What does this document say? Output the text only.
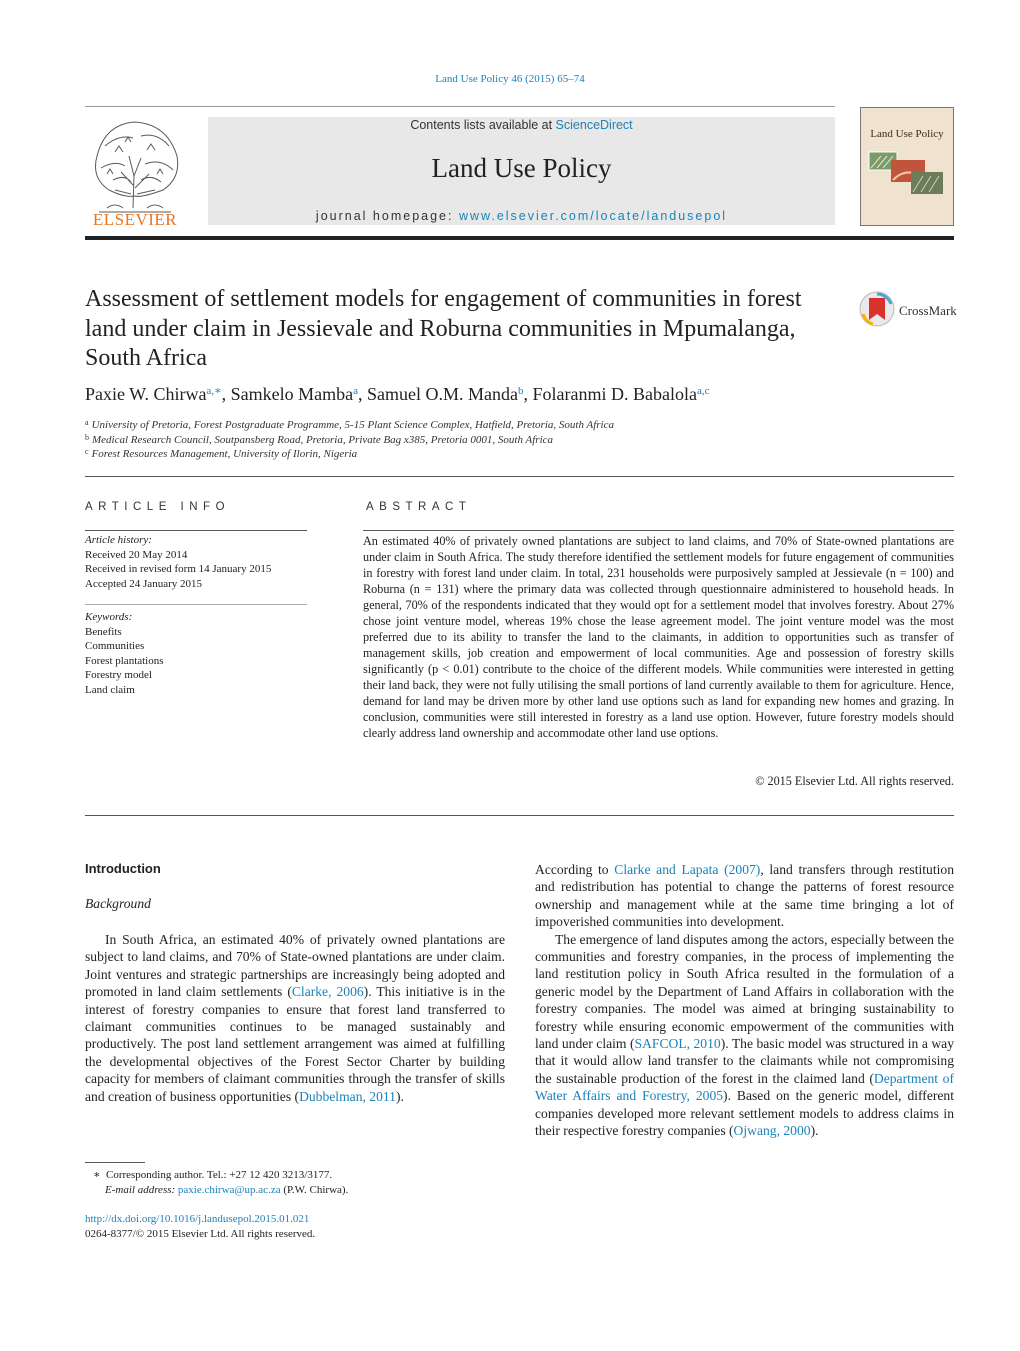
Land Use Policy 46 (2015) 65–74
ELSEVIER
Contents lists available at ScienceDirect
Land Use Policy
journal homepage: www.elsevier.com/locate/landusepol
Land Use Policy
Assessment of settlement models for engagement of communities in forest land under claim in Jessievale and Roburna communities in Mpumalanga, South Africa
CrossMark
Paxie W. Chirwa$^{a,∗}$, Samkelo Mamba$^a$, Samuel O.M. Manda$^b$, Folaranmi D. Babalola$^{a,c}$
$^a$ University of Pretoria, Forest Postgraduate Programme, 5-15 Plant Science Complex, Hatfield, Pretoria, South Africa
$^b$ Medical Research Council, Soutpansberg Road, Pretoria, Private Bag x385, Pretoria 0001, South Africa
$^c$ Forest Resources Management, University of Ilorin, Nigeria
ARTICLE INFO
Article history:
Received 20 May 2014
Received in revised form 14 January 2015
Accepted 24 January 2015
Keywords:
Benefits
Communities
Forest plantations
Forestry model
Land claim
ABSTRACT
An estimated 40% of privately owned plantations are subject to land claims, and 70% of State-owned plantations are under claim in South Africa. The study therefore identified the settlement models for future engagement of communities in forestry with forest land under claim. In total, 231 households were purposively sampled at Jessievale (n = 100) and Roburna (n = 131) where the primary data was collected through questionnaire administered to household heads. In general, 70% of the respondents indicated that they would opt for a settlement model that involves forestry. About 27% chose joint venture model, whereas 19% chose the lease agreement model. The joint venture model was the most preferred due to its ability to transfer the land to the claimants, in addition to opportunities such as transfer of management skills, job creation and empowerment of local communities. Age and possession of forestry skills significantly (p < 0.01) contribute to the choice of the different models. While communities were interested in getting their land back, they were not fully utilising the small portions of land currently available to them for agriculture. Hence, demand for land may be driven more by other land use options such as land for expanding new homes and grazing. In conclusion, communities were still interested in forestry as a land use option. However, future forestry models should clearly address land ownership and accommodate other land use options.
© 2015 Elsevier Ltd. All rights reserved.
Introduction
Background

In South Africa, an estimated 40% of privately owned plantations are subject to land claims, and 70% of State-owned plantations are under claim. Joint ventures and strategic partnerships are increasingly being adopted and promoted in land claim settlements (Clarke, 2006). This initiative is in the interest of forestry companies to ensure that forest land transferred to claimant communities continues to be managed sustainably and productively. The post land settlement arrangement was aimed at fulfilling the developmental objectives of the Forest Sector Charter by building capacity for members of claimant communities through the transfer of skills and creation of business opportunities (Dubbelman, 2011).

According to Clarke and Lapata (2007), land transfers through restitution and redistribution has potential to change the patterns of forest resource ownership and management while at the same time bringing a lot of impoverished communities into development.

The emergence of land disputes among the actors, especially between the communities and forestry companies, in the process of implementing the land restitution policy in South Africa resulted in the formulation of a generic model by the Department of Land Affairs in collaboration with the forestry companies. The model was aimed at bringing sustainability to forestry while ensuring economic empowerment of the communities with land under claim (SAFCOL, 2010). The basic model was structured in a way that it would allow land transfer to the claimants while not compromising the sustainable production of the forest in the claimed land (Department of Water Affairs and Forestry, 2005). Based on the generic model, different companies developed more relevant settlement models to address claims in their respective forestry companies (Ojwang, 2000).

∗ Corresponding author. Tel.: +27 12 420 3213/3177.
E-mail address: paxie.chirwa@up.ac.za (P.W. Chirwa).
http://dx.doi.org/10.1016/j.landusepol.2015.01.021
0264-8377/© 2015 Elsevier Ltd. All rights reserved.
